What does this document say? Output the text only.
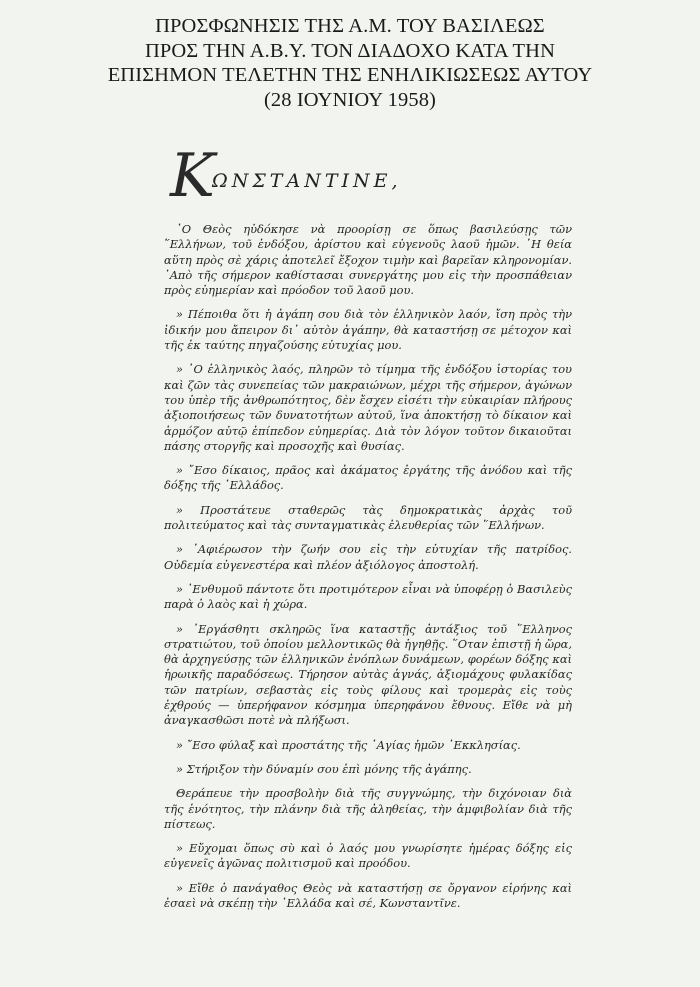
ΠΡΟΣΦΩΝΗΣΙΣ ΤΗΣ Α.Μ. ΤΟΥ ΒΑΣΙΛΕΩΣ
ΠΡΟΣ ΤΗΝ Α.Β.Υ. ΤΟΝ ΔΙΑΔΟΧΟ ΚΑΤΑ ΤΗΝ
ΕΠΙΣΗΜΟΝ ΤΕΛΕΤΗΝ ΤΗΣ ΕΝΗΛΙΚΙΩΣΕΩΣ ΑΥΤΟΥ
(28 ΙΟΥΝΙΟΥ 1958)
K
ΩΝΣΤΑΝΤΙΝΕ,

῾Ο Θεὸς ηὐδόκησε νὰ προορίσῃ σε ὅπως βασιλεύσῃς τῶν ῞Ελλήνων, τοῦ ἐνδόξου, ἀρίστου καὶ εὐγενοῦς λαοῦ ἡμῶν. ῾Η θεία αὕτη πρὸς σὲ χάρις ἀποτελεῖ ἔξοχον τιμὴν καὶ βαρεῖαν κληρονομίαν. ᾿Απὸ τῆς σήμερον καθίστασαι συνεργάτης μου εἰς τὴν προσπάθειαν πρὸς εὐημερίαν καὶ πρόοδον τοῦ λαοῦ μου.

» Πέποιθα ὅτι ἡ ἀγάπη σου διὰ τὸν ἑλληνικὸν λαόν, ἴση πρὸς τὴν ἰδικήν μου ἄπειρον δι᾿ αὐτὸν ἀγάπην, θὰ καταστήσῃ σε μέτοχον καὶ τῆς ἐκ ταύτης πηγαζούσης εὐτυχίας μου.

» ῾Ο ἑλληνικὸς λαός, πληρῶν τὸ τίμημα τῆς ἐνδόξου ἱστορίας του καὶ ζῶν τὰς συνεπείας τῶν μακραιώνων, μέχρι τῆς σήμερον, ἀγώνων του ὑπὲρ τῆς ἀνθρωπότητος, δὲν ἔσχεν εἰσέτι τὴν εὐκαιρίαν πλήρους ἀξιοποιήσεως τῶν δυνατοτήτων αὐτοῦ, ἵνα ἀποκτήσῃ τὸ δίκαιον καὶ ἁρμόζον αὐτῷ ἐπίπεδον εὐημερίας. Διὰ τὸν λόγον τοῦτον δικαιοῦται πάσης στοργῆς καὶ προσοχῆς καὶ θυσίας.

» ῎Εσο δίκαιος, πρᾶος καὶ ἀκάματος ἐργάτης τῆς ἀνόδου καὶ τῆς δόξης τῆς ῾Ελλάδος.

» Προστάτευε σταθερῶς τὰς δημοκρατικὰς ἀρχὰς τοῦ πολιτεύματος καὶ τὰς συνταγματικὰς ἐλευθερίας τῶν ῞Ελλήνων.

» ᾿Αφιέρωσον τὴν ζωήν σου εἰς τὴν εὐτυχίαν τῆς πατρίδος. Οὐδεμία εὐγενεστέρα καὶ πλέον ἀξιόλογος ἀποστολή.

» ᾿Ενθυμοῦ πάντοτε ὅτι προτιμότερον εἶναι νὰ ὑποφέρῃ ὁ Βασιλεὺς παρὰ ὁ λαὸς καὶ ἡ χώρα.

» ᾿Εργάσθητι σκληρῶς ἵνα καταστῇς ἀντάξιος τοῦ ῞Ελληνος στρατιώτου, τοῦ ὁποίου μελλοντικῶς θὰ ἡγηθῇς. ῞Οταν ἐπιστῇ ἡ ὥρα, θὰ ἀρχηγεύσῃς τῶν ἑλληνικῶν ἐνόπλων δυνάμεων, φορέων δόξης καὶ ἡρωικῆς παραδόσεως. Τήρησον αὐτὰς ἁγνάς, ἀξιομάχους φυλακίδας τῶν πατρίων, σεβαστὰς εἰς τοὺς φίλους καὶ τρομερὰς εἰς τοὺς ἐχθρούς — ὑπερήφανον κόσμημα ὑπερηφάνου ἔθνους. Εἴθε νὰ μὴ ἀναγκασθῶσι ποτὲ νὰ πλήξωσι.

» ῎Εσο φύλαξ καὶ προστάτης τῆς ῾Αγίας ἡμῶν ᾿Εκκλησίας.

» Στήριξον τὴν δύναμίν σου ἐπὶ μόνης τῆς ἀγάπης.

Θεράπευε τὴν προσβολὴν διὰ τῆς συγγνώμης, τὴν διχόνοιαν διὰ τῆς ἑνότητος, τὴν πλάνην διὰ τῆς ἀληθείας, τὴν ἀμφιβολίαν διὰ τῆς πίστεως.

» Εὔχομαι ὅπως σὺ καὶ ὁ λαός μου γνωρίσητε ἡμέρας δόξης εἰς εὐγενεῖς ἀγῶνας πολιτισμοῦ καὶ προόδου.

» Εἴθε ὁ πανάγαθος Θεὸς νὰ καταστήσῃ σε ὄργανον εἰρήνης καὶ ἐσαεὶ νὰ σκέπῃ τὴν ῾Ελλάδα καὶ σέ, Κωνσταντῖνε.
